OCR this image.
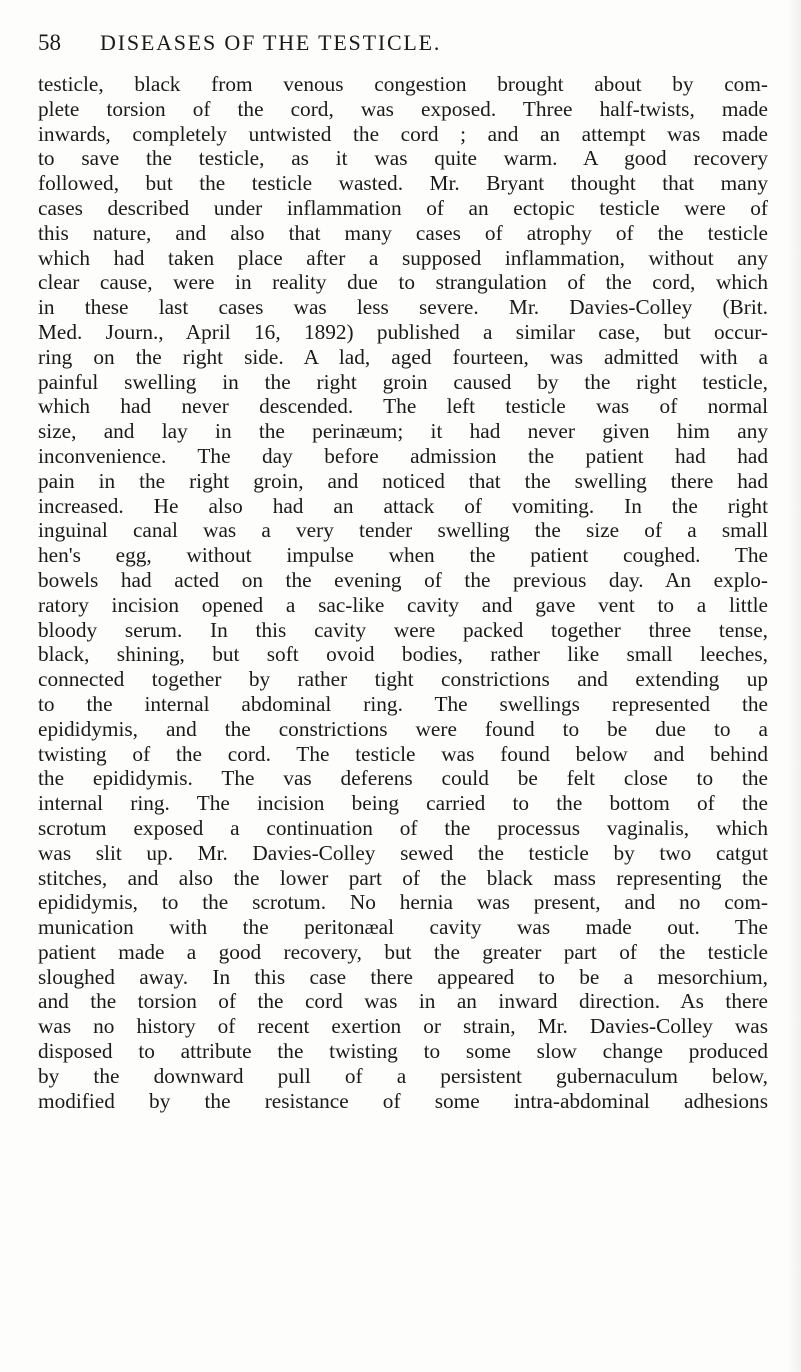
58 DISEASES OF THE TESTICLE.
testicle, black from venous congestion brought about by com-
plete torsion of the cord, was exposed. Three half-twists, made
inwards, completely untwisted the cord ; and an attempt was made
to save the testicle, as it was quite warm. A good recovery
followed, but the testicle wasted. Mr. Bryant thought that many
cases described under inflammation of an ectopic testicle were of
this nature, and also that many cases of atrophy of the testicle
which had taken place after a supposed inflammation, without any
clear cause, were in reality due to strangulation of the cord, which
in these last cases was less severe. Mr. Davies-Colley (Brit.
Med. Journ., April 16, 1892) published a similar case, but occur-
ring on the right side. A lad, aged fourteen, was admitted with a
painful swelling in the right groin caused by the right testicle,
which had never descended. The left testicle was of normal
size, and lay in the perinæum; it had never given him any
inconvenience. The day before admission the patient had had
pain in the right groin, and noticed that the swelling there had
increased. He also had an attack of vomiting. In the right
inguinal canal was a very tender swelling the size of a small
hen's egg, without impulse when the patient coughed. The
bowels had acted on the evening of the previous day. An explo-
ratory incision opened a sac-like cavity and gave vent to a little
bloody serum. In this cavity were packed together three tense,
black, shining, but soft ovoid bodies, rather like small leeches,
connected together by rather tight constrictions and extending up
to the internal abdominal ring. The swellings represented the
epididymis, and the constrictions were found to be due to a
twisting of the cord. The testicle was found below and behind
the epididymis. The vas deferens could be felt close to the
internal ring. The incision being carried to the bottom of the
scrotum exposed a continuation of the processus vaginalis, which
was slit up. Mr. Davies-Colley sewed the testicle by two catgut
stitches, and also the lower part of the black mass representing the
epididymis, to the scrotum. No hernia was present, and no com-
munication with the peritonæal cavity was made out. The
patient made a good recovery, but the greater part of the testicle
sloughed away. In this case there appeared to be a mesorchium,
and the torsion of the cord was in an inward direction. As there
was no history of recent exertion or strain, Mr. Davies-Colley was
disposed to attribute the twisting to some slow change produced
by the downward pull of a persistent gubernaculum below,
modified by the resistance of some intra-abdominal adhesions
